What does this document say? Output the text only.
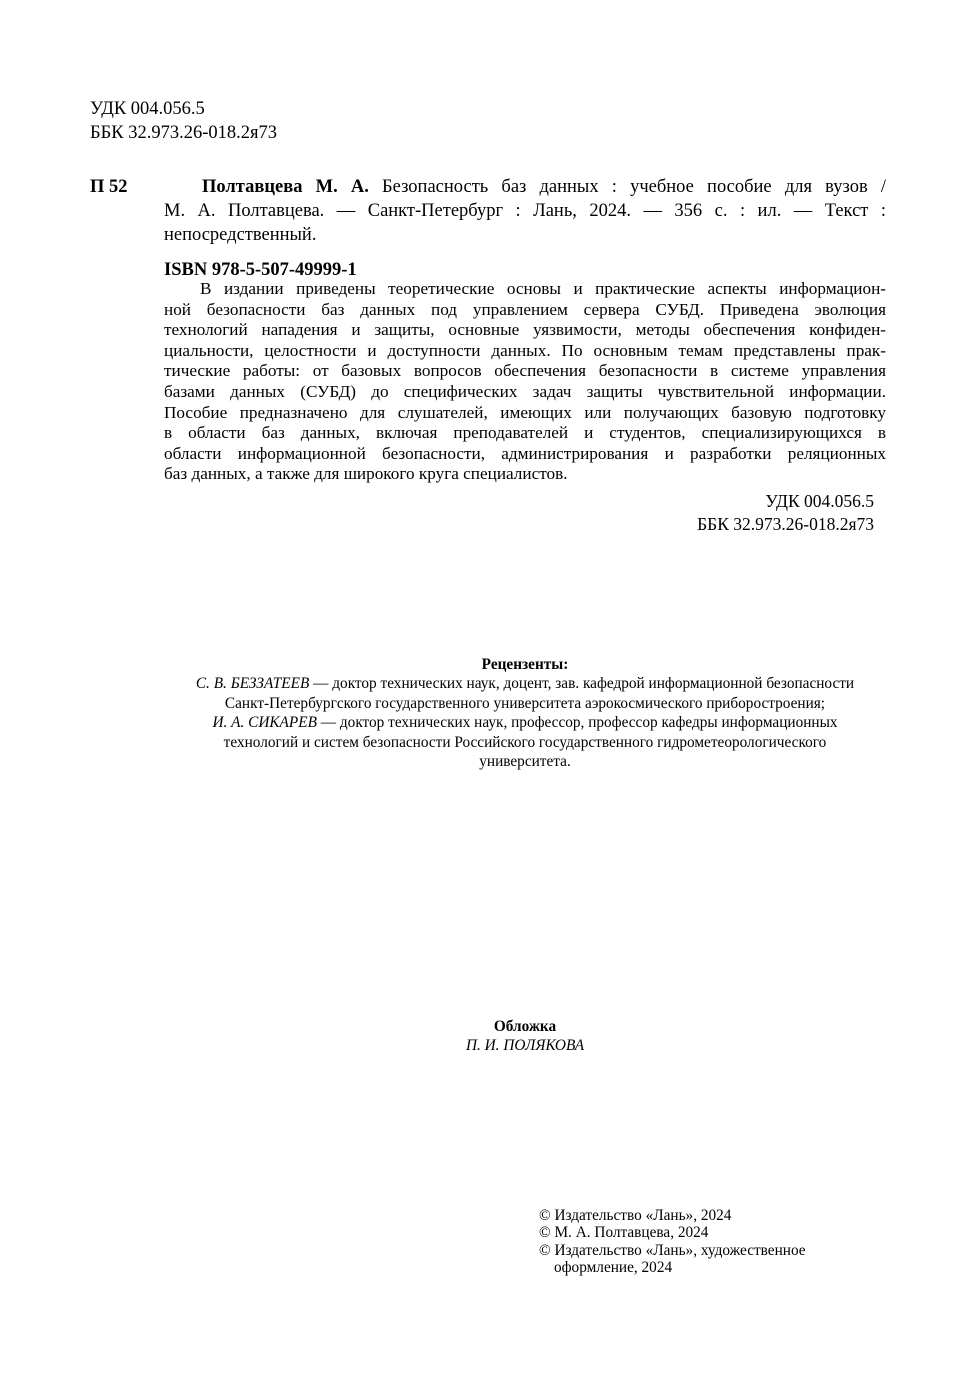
УДК 004.056.5
ББК 32.973.26-018.2я73
П 52	Полтавцева М. А. Безопасность баз данных : учебное пособие для вузов /
М. А. Полтавцева. — Санкт-Петербург : Лань, 2024. — 356 с. : ил. — Текст :
непосредственный.
ISBN 978-5-507-49999-1
В издании приведены теоретические основы и практические аспекты информацион-
ной безопасности баз данных под управлением сервера СУБД. Приведена эволюция
технологий нападения и защиты, основные уязвимости, методы обеспечения конфиден-
циальности, целостности и доступности данных. По основным темам представлены прак-
тические работы: от базовых вопросов обеспечения безопасности в системе управления
базами данных (СУБД) до специфических задач защиты чувствительной информации.
Пособие предназначено для слушателей, имеющих или получающих базовую подготовку
в области баз данных, включая преподавателей и студентов, специализирующихся в
области информационной безопасности, администрирования и разработки реляционных
баз данных, а также для широкого круга специалистов.
УДК 004.056.5
ББК 32.973.26-018.2я73
Рецензенты:
С. В. БЕЗЗАТЕЕВ — доктор технических наук, доцент, зав. кафедрой информационной безопасности
Санкт-Петербургского государственного университета аэрокосмического приборостроения;
И. А. СИКАРЕВ — доктор технических наук, профессор, профессор кафедры информационных
технологий и систем безопасности Российского государственного гидрометеорологического
университета.
Обложка
П. И. ПОЛЯКОВА
© Издательство «Лань», 2024
© М. А. Полтавцева, 2024
© Издательство «Лань», художественное
оформление, 2024
